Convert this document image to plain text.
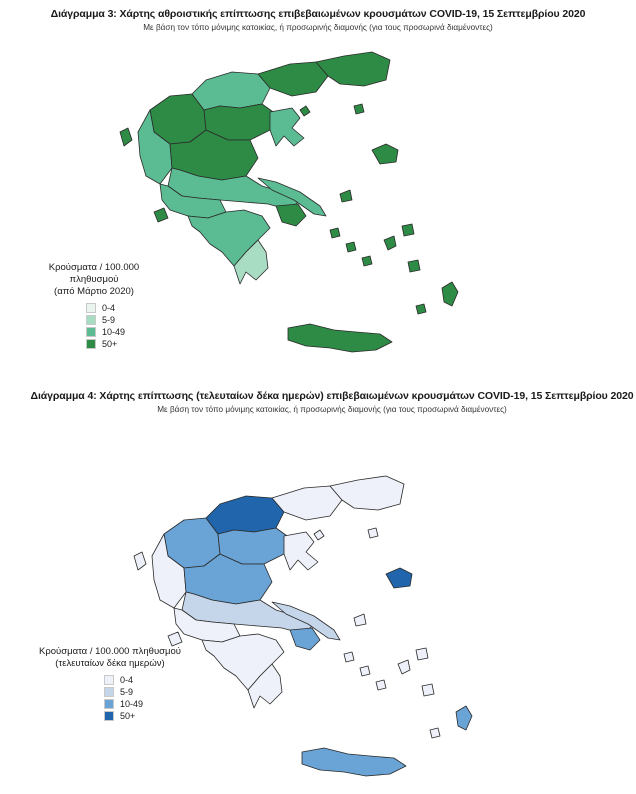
Διάγραμμα 3: Χάρτης αθροιστικής επίπτωσης επιβεβαιωμένων κρουσμάτων COVID-19, 15 Σεπτεμβρίου 2020
Με βάση τον τόπο μόνιμης κατοικίας, ή προσωρινής διαμονής (για τους προσωρινά διαμένοντες)
Κρούσματα / 100.000 πληθυσμού
(από Μάρτιο 2020)
0-4
5-9
10-49
50+
Διάγραμμα 4: Χάρτης επίπτωσης (τελευταίων δέκα ημερών) επιβεβαιωμένων κρουσμάτων COVID-19, 15 Σεπτεμβρίου 2020
Με βάση τον τόπο μόνιμης κατοικίας, ή προσωρινής διαμονής (για τους προσωρινά διαμένοντες)
Κρούσματα / 100.000 πληθυσμού
(τελευταίων δέκα ημερών)
0-4
5-9
10-49
50+
